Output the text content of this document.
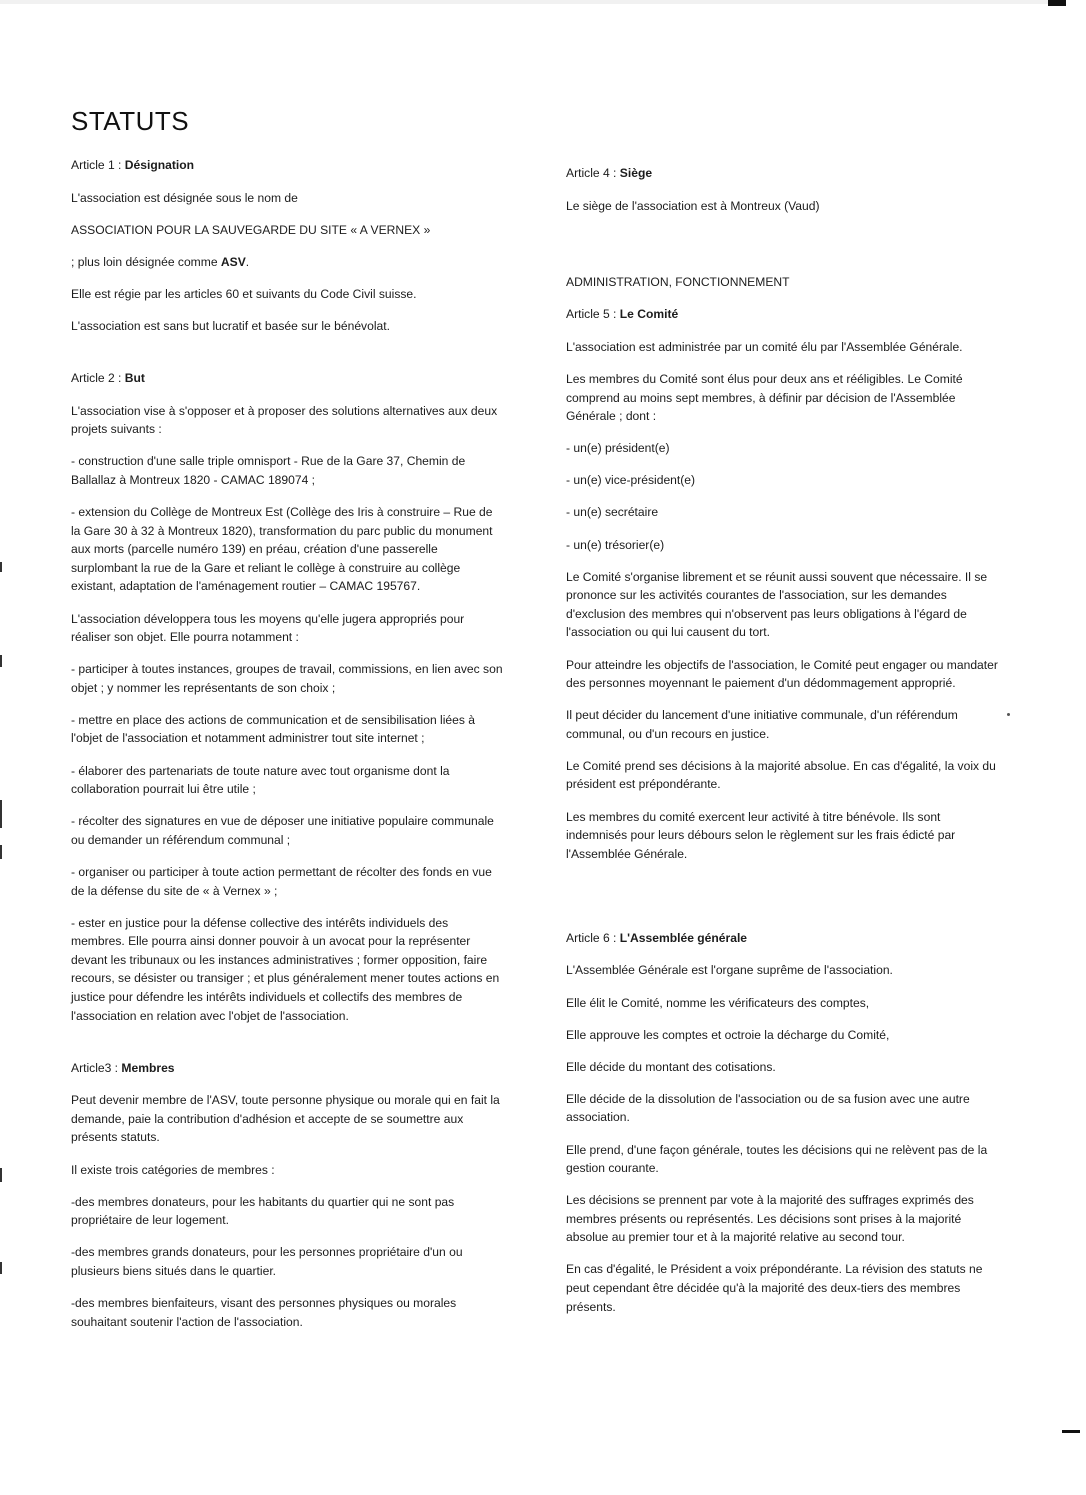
STATUTS

Article 1 : Désignation

L'association est désignée sous le nom de

ASSOCIATION POUR LA SAUVEGARDE DU SITE « A VERNEX »

; plus loin désignée comme ASV.

Elle est régie par les articles 60 et suivants du Code Civil suisse.

L'association est sans but lucratif et basée sur le bénévolat.

Article 2 : But

L'association vise à s'opposer et à proposer des solutions alternatives aux deux projets suivants :

- construction d'une salle triple omnisport - Rue de la Gare 37, Chemin de Ballallaz à Montreux 1820 - CAMAC 189074 ;

- extension du Collège de Montreux Est (Collège des Iris à construire – Rue de la Gare 30 à 32 à Montreux 1820), transformation du parc public du monument aux morts (parcelle numéro 139) en préau, création d'une passerelle surplombant la rue de la Gare et reliant le collège à construire au collège existant, adaptation de l'aménagement routier – CAMAC 195767.

L'association développera tous les moyens qu'elle jugera appropriés pour réaliser son objet. Elle pourra notamment :

- participer à toutes instances, groupes de travail, commissions, en lien avec son objet ; y nommer les représentants de son choix ;

- mettre en place des actions de communication et de sensibilisation liées à l'objet de l'association et notamment administrer tout site internet ;

- élaborer des partenariats de toute nature avec tout organisme dont la collaboration pourrait lui être utile ;

- récolter des signatures en vue de déposer une initiative populaire communale ou demander un référendum communal ;

- organiser ou participer à toute action permettant de récolter des fonds en vue de la défense du site de « à Vernex » ;

- ester en justice pour la défense collective des intérêts individuels des membres. Elle pourra ainsi donner pouvoir à un avocat pour la représenter devant les tribunaux ou les instances administratives ; former opposition, faire recours, se désister ou transiger ; et plus généralement mener toutes actions en justice pour défendre les intérêts individuels et collectifs des membres de l'association en relation avec l'objet de l'association.

Article3 : Membres

Peut devenir membre de l'ASV, toute personne physique ou morale qui en fait la demande, paie la contribution d'adhésion et accepte de se soumettre aux présents statuts.

Il existe trois catégories de membres :

-des membres donateurs, pour les habitants du quartier qui ne sont pas propriétaire de leur logement.

-des membres grands donateurs, pour les personnes propriétaire d'un ou plusieurs biens situés dans le quartier.

-des membres bienfaiteurs, visant des personnes physiques ou morales souhaitant soutenir l'action de l'association.

Article 4 : Siège

Le siège de l'association est à Montreux (Vaud)

ADMINISTRATION, FONCTIONNEMENT

Article 5 : Le Comité

L'association est administrée par un comité élu par l'Assemblée Générale.

Les membres du Comité sont élus pour deux ans et rééligibles. Le Comité comprend au moins sept membres, à définir par décision de l'Assemblée Générale ; dont :

- un(e) président(e)

- un(e) vice-président(e)

- un(e) secrétaire

- un(e) trésorier(e)

Le Comité s'organise librement et se réunit aussi souvent que nécessaire. Il se prononce sur les activités courantes de l'association, sur les demandes d'exclusion des membres qui n'observent pas leurs obligations à l'égard de l'association ou qui lui causent du tort.

Pour atteindre les objectifs de l'association, le Comité peut engager ou mandater des personnes moyennant le paiement d'un dédommagement approprié.

Il peut décider du lancement d'une initiative communale, d'un référendum communal, ou d'un recours en justice.

Le Comité prend ses décisions à la majorité absolue. En cas d'égalité, la voix du président est prépondérante.

Les membres du comité exercent leur activité à titre bénévole. Ils sont indemnisés pour leurs débours selon le règlement sur les frais édicté par l'Assemblée Générale.

Article 6 : L'Assemblée générale

L'Assemblée Générale est l'organe suprême de l'association.

Elle élit le Comité, nomme les vérificateurs des comptes,

Elle approuve les comptes et octroie la décharge du Comité,

Elle décide du montant des cotisations.

Elle décide de la dissolution de l'association ou de sa fusion avec une autre association.

Elle prend, d'une façon générale, toutes les décisions qui ne relèvent pas de la gestion courante.

Les décisions se prennent par vote à la majorité des suffrages exprimés des membres présents ou représentés. Les décisions sont prises à la majorité absolue au premier tour et à la majorité relative au second tour.

En cas d'égalité, le Président a voix prépondérante. La révision des statuts ne peut cependant être décidée qu'à la majorité des deux-tiers des membres présents.
